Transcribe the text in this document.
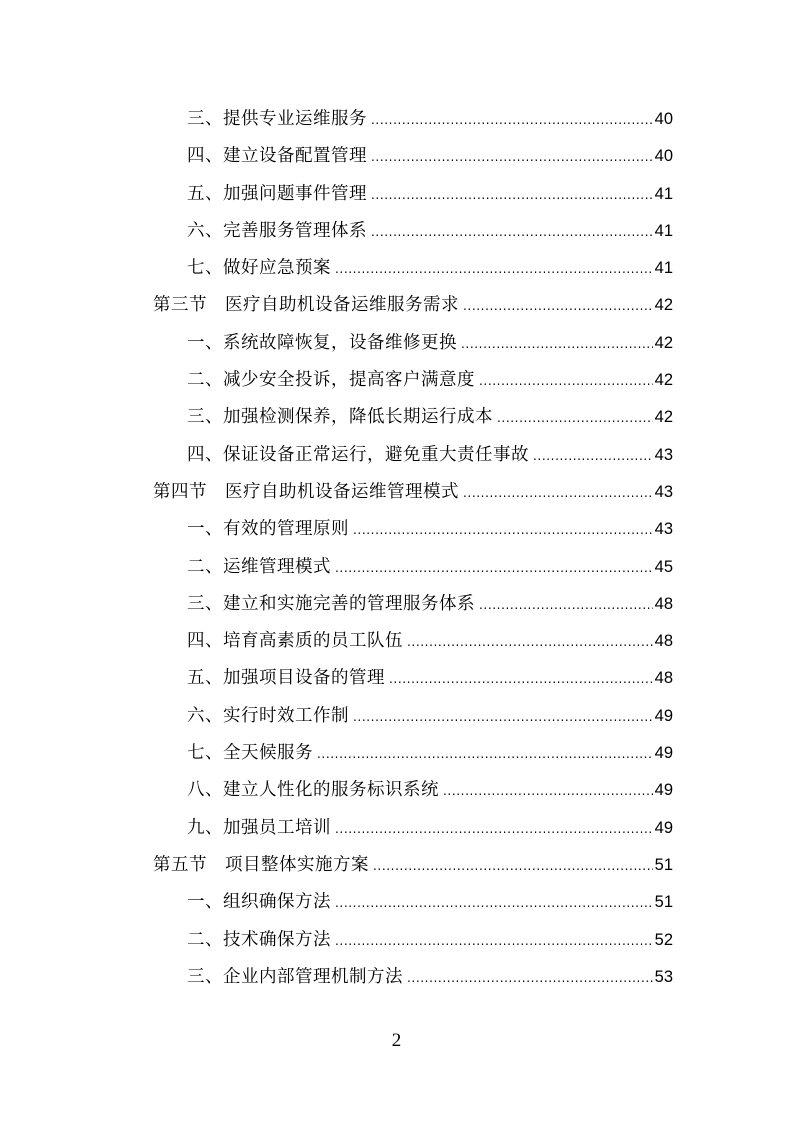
三、提供专业运维服务 .....	40
四、建立设备配置管理 .....	40
五、加强问题事件管理 .....	41
六、完善服务管理体系 .....	41
七、做好应急预案 .....	41
第三节　医疗自助机设备运维服务需求 .....	42
一、系统故障恢复，设备维修更换 .....	42
二、减少安全投诉，提高客户满意度 .....	42
三、加强检测保养，降低长期运行成本 .....	42
四、保证设备正常运行，避免重大责任事故 .....	43
第四节　医疗自助机设备运维管理模式 .....	43
一、有效的管理原则 .....	43
二、运维管理模式 .....	45
三、建立和实施完善的管理服务体系 .....	48
四、培育高素质的员工队伍 .....	48
五、加强项目设备的管理 .....	48
六、实行时效工作制 .....	49
七、全天候服务 .....	49
八、建立人性化的服务标识系统 .....	49
九、加强员工培训 .....	49
第五节　项目整体实施方案 .....	51
一、组织确保方法 .....	51
二、技术确保方法 .....	52
三、企业内部管理机制方法 .....	53
2
